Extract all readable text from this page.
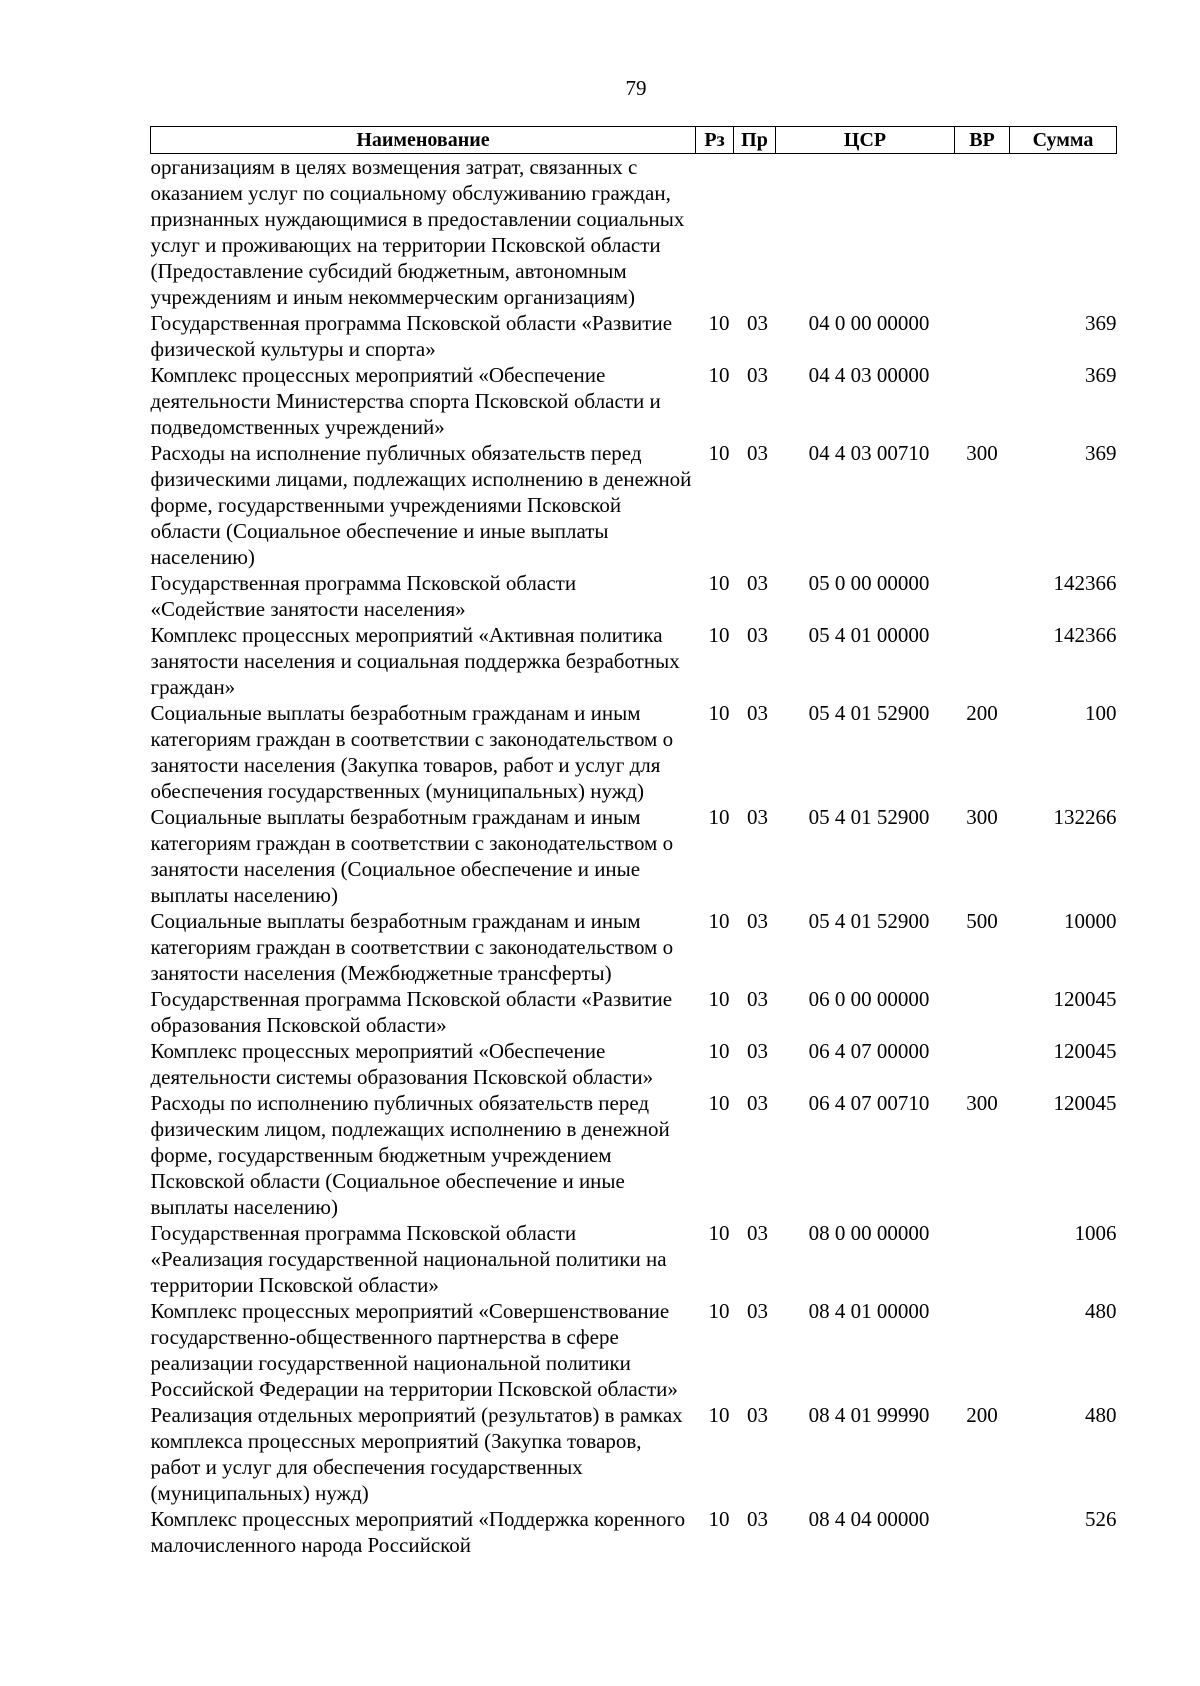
79
Наименование	Рз	Пр	ЦСР	ВР	Сумма
организациям в целях возмещения затрат, связанных с оказанием услуг по социальному обслуживанию граждан, признанных нуждающимися в предоставлении социальных услуг и проживающих на территории Псковской области (Предоставление субсидий бюджетным, автономным учреждениям и иным некоммерческим организациям)					
Государственная программа Псковской области «Развитие физической культуры и спорта»	10	03	04 0 00 00000		369
Комплекс процессных мероприятий «Обеспечение деятельности Министерства спорта Псковской области и подведомственных учреждений»	10	03	04 4 03 00000		369
Расходы на исполнение публичных обязательств перед физическими лицами, подлежащих исполнению в денежной форме, государственными учреждениями Псковской области (Социальное обеспечение и иные выплаты населению)	10	03	04 4 03 00710	300	369
Государственная программа Псковской области «Содействие занятости населения»	10	03	05 0 00 00000		142366
Комплекс процессных мероприятий «Активная политика занятости населения и социальная поддержка безработных граждан»	10	03	05 4 01 00000		142366
Социальные выплаты безработным гражданам и иным категориям граждан в соответствии с законодательством о занятости населения (Закупка товаров, работ и услуг для обеспечения государственных (муниципальных) нужд)	10	03	05 4 01 52900	200	100
Социальные выплаты безработным гражданам и иным категориям граждан в соответствии с законодательством о занятости населения (Социальное обеспечение и иные выплаты населению)	10	03	05 4 01 52900	300	132266
Социальные выплаты безработным гражданам и иным категориям граждан в соответствии с законодательством о занятости населения (Межбюджетные трансферты)	10	03	05 4 01 52900	500	10000
Государственная программа Псковской области «Развитие образования Псковской области»	10	03	06 0 00 00000		120045
Комплекс процессных мероприятий «Обеспечение деятельности системы образования Псковской области»	10	03	06 4 07 00000		120045
Расходы по исполнению публичных обязательств перед физическим лицом, подлежащих исполнению в денежной форме, государственным бюджетным учреждением Псковской области (Социальное обеспечение и иные выплаты населению)	10	03	06 4 07 00710	300	120045
Государственная программа Псковской области «Реализация государственной национальной политики на территории Псковской области»	10	03	08 0 00 00000		1006
Комплекс процессных мероприятий «Совершенствование государственно-общественного партнерства в сфере реализации государственной национальной политики Российской Федерации на территории Псковской области»	10	03	08 4 01 00000		480
Реализация отдельных мероприятий (результатов) в рамках комплекса процессных мероприятий (Закупка товаров, работ и услуг для обеспечения государственных (муниципальных) нужд)	10	03	08 4 01 99990	200	480
Комплекс процессных мероприятий «Поддержка коренного малочисленного народа Российской	10	03	08 4 04 00000		526
